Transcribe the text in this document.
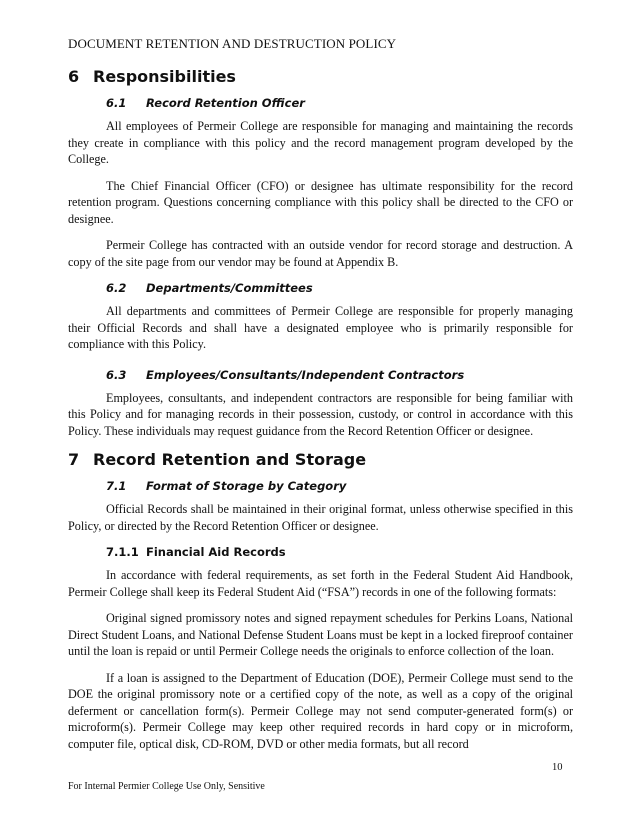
DOCUMENT RETENTION AND DESTRUCTION POLICY
6 Responsibilities
6.1 Record Retention Officer

All employees of Permeir College are responsible for managing and maintaining the records they create in compliance with this policy and the record management program developed by the College.

The Chief Financial Officer (CFO) or designee has ultimate responsibility for the record retention program. Questions concerning compliance with this policy shall be directed to the CFO or designee.

Permeir College has contracted with an outside vendor for record storage and destruction. A copy of the site page from our vendor may be found at Appendix B.

6.2 Departments/Committees

All departments and committees of Permeir College are responsible for properly managing their Official Records and shall have a designated employee who is primarily responsible for compliance with this Policy.

6.3 Employees/Consultants/Independent Contractors

Employees, consultants, and independent contractors are responsible for being familiar with this Policy and for managing records in their possession, custody, or control in accordance with this Policy. These individuals may request guidance from the Record Retention Officer or designee.

7 Record Retention and Storage
7.1 Format of Storage by Category

Official Records shall be maintained in their original format, unless otherwise specified in this Policy, or directed by the Record Retention Officer or designee.

7.1.1 Financial Aid Records

In accordance with federal requirements, as set forth in the Federal Student Aid Handbook, Permeir College shall keep its Federal Student Aid (“FSA”) records in one of the following formats:

Original signed promissory notes and signed repayment schedules for Perkins Loans, National Direct Student Loans, and National Defense Student Loans must be kept in a locked fireproof container until the loan is repaid or until Permeir College needs the originals to enforce collection of the loan.

If a loan is assigned to the Department of Education (DOE), Permeir College must send to the DOE the original promissory note or a certified copy of the note, as well as a copy of the original deferment or cancellation form(s). Permeir College may not send computer-generated form(s) or microform(s). Permeir College may keep other required records in hard copy or in microform, computer file, optical disk, CD-ROM, DVD or other media formats, but all record

10
For Internal Permier College Use Only, Sensitive
